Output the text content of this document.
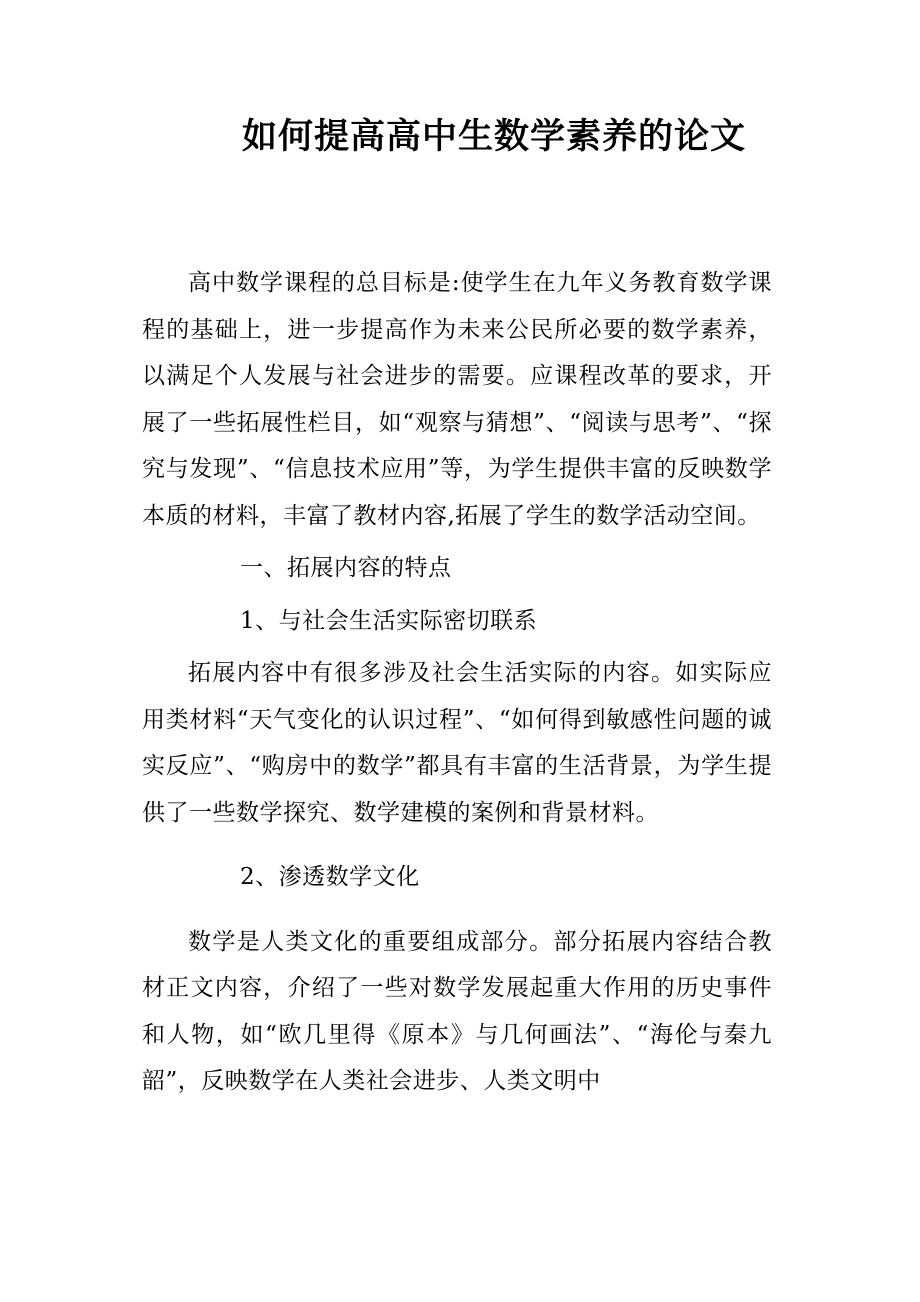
如何提高高中生数学素养的论文

高中数学课程的总目标是:使学生在九年义务教育数学课程的基础上，进一步提高作为未来公民所必要的数学素养，以满足个人发展与社会进步的需要。应课程改革的要求，开展了一些拓展性栏目，如“观察与猜想”、“阅读与思考”、“探究与发现”、“信息技术应用”等，为学生提供丰富的反映数学本质的材料，丰富了教材内容,拓展了学生的数学活动空间。

一、拓展内容的特点

1、与社会生活实际密切联系

拓展内容中有很多涉及社会生活实际的内容。如实际应用类材料“天气变化的认识过程”、“如何得到敏感性问题的诚实反应”、“购房中的数学”都具有丰富的生活背景，为学生提供了一些数学探究、数学建模的案例和背景材料。

2、渗透数学文化

数学是人类文化的重要组成部分。部分拓展内容结合教材正文内容，介绍了一些对数学发展起重大作用的历史事件和人物，如“欧几里得《原本》与几何画法”、“海伦与秦九韶”，反映数学在人类社会进步、人类文明中
